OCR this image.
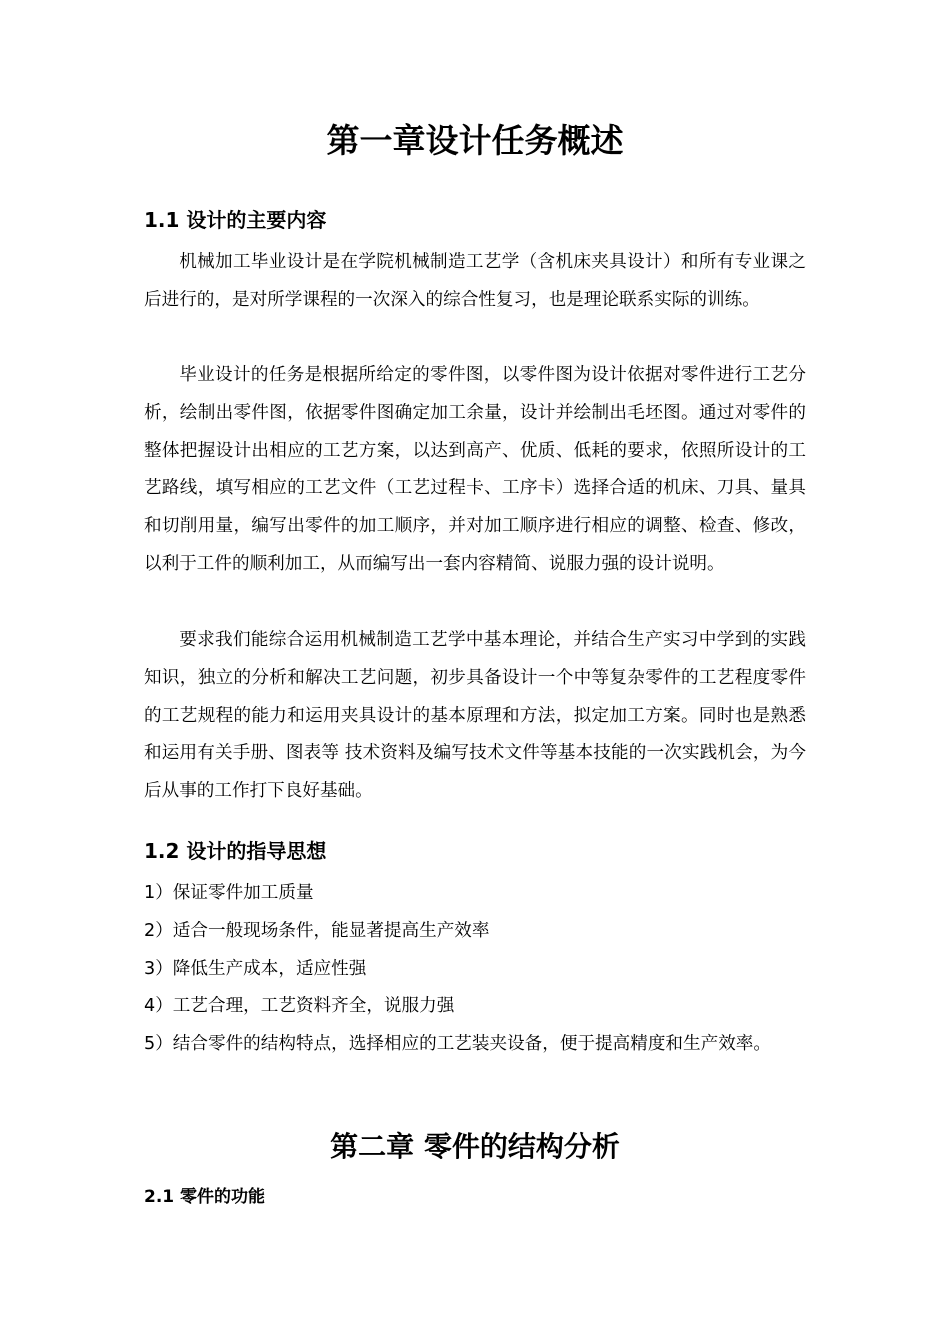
第一章设计任务概述
1.1 设计的主要内容

机械加工毕业设计是在学院机械制造工艺学（含机床夹具设计）和所有专业课之后进行的，是对所学课程的一次深入的综合性复习，也是理论联系实际的训练。

毕业设计的任务是根据所给定的零件图，以零件图为设计依据对零件进行工艺分析，绘制出零件图，依据零件图确定加工余量，设计并绘制出毛坯图。通过对零件的整体把握设计出相应的工艺方案，以达到高产、优质、低耗的要求，依照所设计的工艺路线，填写相应的工艺文件（工艺过程卡、工序卡）选择合适的机床、刀具、量具和切削用量，编写出零件的加工顺序，并对加工顺序进行相应的调整、检查、修改，以利于工件的顺利加工，从而编写出一套内容精简、说服力强的设计说明。

要求我们能综合运用机械制造工艺学中基本理论，并结合生产实习中学到的实践知识，独立的分析和解决工艺问题，初步具备设计一个中等复杂零件的工艺程度零件的工艺规程的能力和运用夹具设计的基本原理和方法，拟定加工方案。同时也是熟悉和运用有关手册、图表等 技术资料及编写技术文件等基本技能的一次实践机会，为今后从事的工作打下良好基础。

1.2 设计的指导思想
1）保证零件加工质量
2）适合一般现场条件，能显著提高生产效率
3）降低生产成本，适应性强
4）工艺合理，工艺资料齐全，说服力强
5）结合零件的结构特点，选择相应的工艺装夹设备，便于提高精度和生产效率。
第二章 零件的结构分析
2.1 零件的功能
